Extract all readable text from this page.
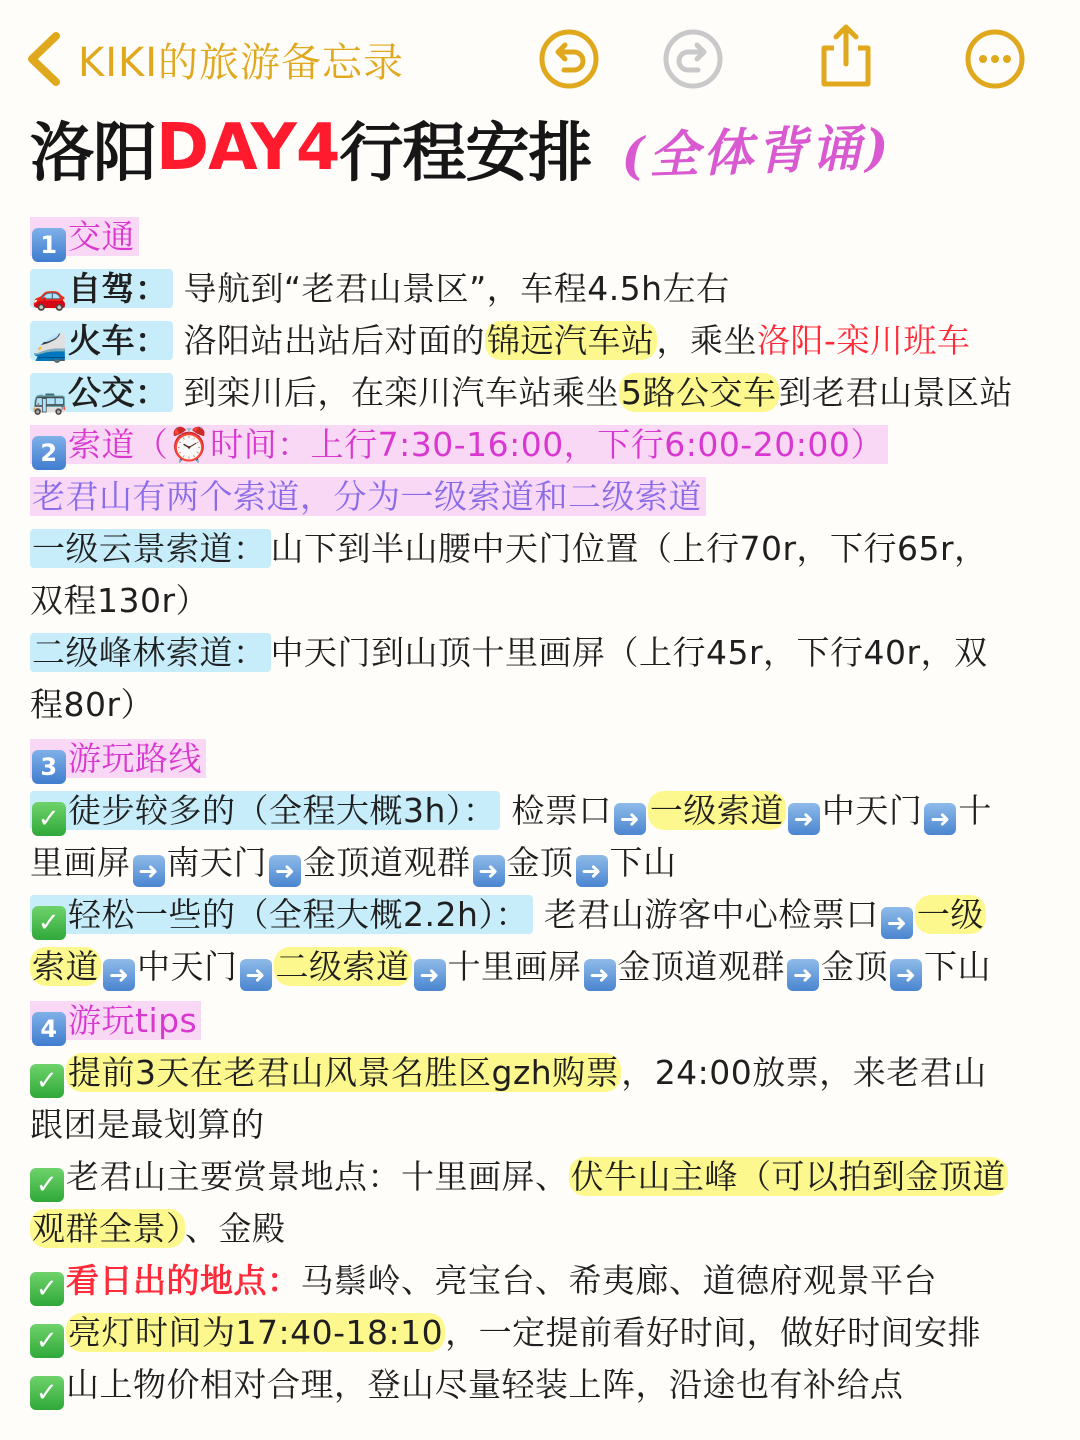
KIKI的旅游备忘录
洛阳 DAY4 行程安排 (全体背诵)
1 交通
🚗自驾： 导航到“老君山景区”，车程4.5h左右
🚄火车： 洛阳站出站后对面的锦远汽车站，乘坐洛阳-栾川班车
🚌公交： 到栾川后，在栾川汽车站乘坐5路公交车到老君山景区站
2 索道（⏰时间：上行7:30-16:00，下行6:00-20:00）
老君山有两个索道，分为一级索道和二级索道
一级云景索道： 山下到半山腰中天门位置（上行70r，下行65r，
双程130r）
二级峰林索道： 中天门到山顶十里画屏（上行45r，下行40r，双
程80r）
3 游玩路线
✓ 徒步较多的（全程大概3h）： 检票口 ➜ 一级索道 ➜ 中天门 ➜ 十
里画屏 ➜ 南天门 ➜ 金顶道观群 ➜ 金顶 ➜ 下山
✓ 轻松一些的（全程大概2.2h）： 老君山游客中心检票口 ➜ 一级
索道 ➜ 中天门 ➜ 二级索道 ➜ 十里画屏 ➜ 金顶道观群 ➜ 金顶 ➜ 下山
4 游玩tips
✓ 提前3天在老君山风景名胜区gzh购票，24:00放票，来老君山
跟团是最划算的
✓ 老君山主要赏景地点：十里画屏、伏牛山主峰（可以拍到金顶道
观群全景）、金殿
✓ 看日出的地点：马鬃岭、亮宝台、希夷廊、道德府观景平台
✓ 亮灯时间为17:40-18:10，一定提前看好时间，做好时间安排
✓ 山上物价相对合理，登山尽量轻装上阵，沿途也有补给点
